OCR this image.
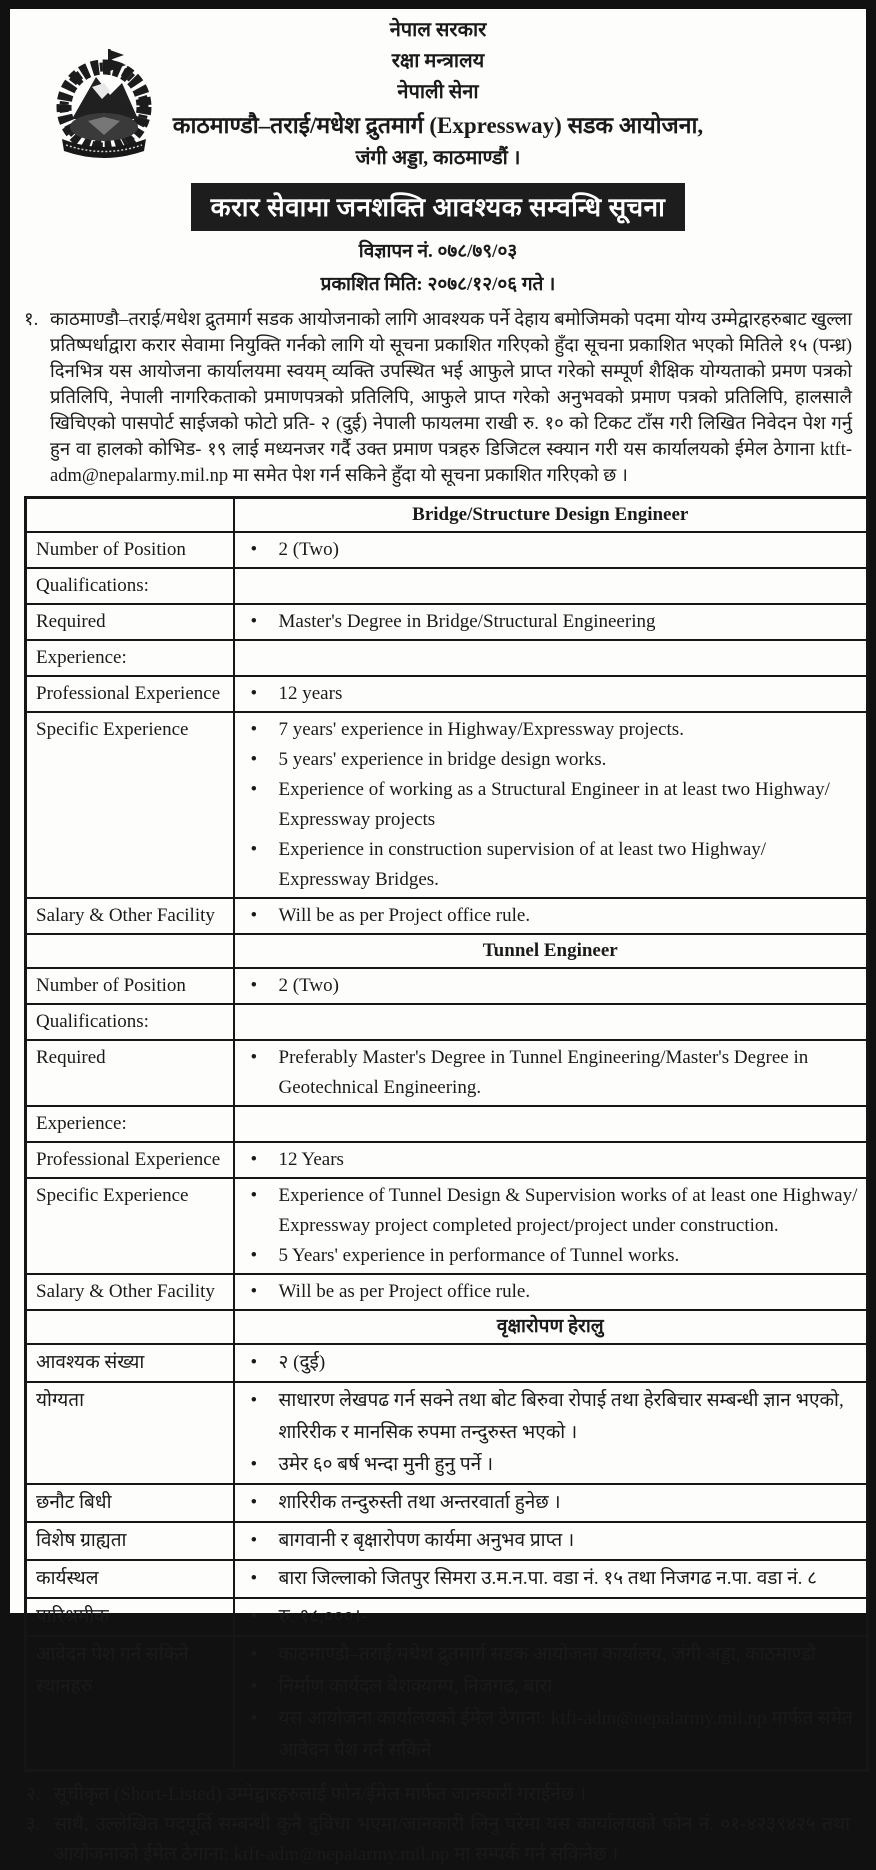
नेपाल सरकार
रक्षा मन्त्रालय
नेपाली सेना
काठमाण्डौ–तराई/मधेश द्रुतमार्ग (Expressway) सडक आयोजना,
जंगी अड्डा, काठमाण्डौं ।
करार सेवामा जनशक्ति आवश्यक सम्वन्धि सूचना
विज्ञापन नं. ०७८/७९/०३
प्रकाशित मिति: २०७८/१२/०६ गते ।
१. काठमाण्डौ–तराई/मधेश द्रुतमार्ग सडक आयोजनाको लागि आवश्यक पर्ने देहाय बमोजिमको पदमा योग्य उम्मेद्वारहरुबाट खुल्ला प्रतिष्पर्धाद्वारा करार सेवामा नियुक्ति गर्नको लागि यो सूचना प्रकाशित गरिएको हुँदा सूचना प्रकाशित भएको मितिले १५ (पन्ध्र) दिनभित्र यस आयोजना कार्यालयमा स्वयम् व्यक्ति उपस्थित भई आफुले प्राप्त गरेको सम्पूर्ण शैक्षिक योग्यताको प्रमण पत्रको प्रतिलिपि, नेपाली नागरिकताको प्रमाणपत्रको प्रतिलिपि, आफुले प्राप्त गरेको अनुभवको प्रमाण पत्रको प्रतिलिपि, हालसालै खिचिएको पासपोर्ट साईजको फोटो प्रति- २ (दुई) नेपाली फायलमा राखी रु. १० को टिकट टाँस गरी लिखित निवेदन पेश गर्नु हुन वा हालको कोभिड- १९ लाई मध्यनजर गर्दै उक्त प्रमाण पत्रहरु डिजिटल स्क्यान गरी यस कार्यालयको ईमेल ठेगाना ktft-adm@nepalarmy.mil.np मा समेत पेश गर्न सकिने हुँदा यो सूचना प्रकाशित गरिएको छ ।
	Bridge/Structure Design Engineer
Number of Position	• 2 (Two)

Qualifications:	
Required	• Master's Degree in Bridge/Structural Engineering

Experience:	
Professional Experience	• 12 years

Specific Experience	• 7 years' experience in Highway/Expressway projects.
• 5 years' experience in bridge design works.
• Experience of working as a Structural Engineer in at least two Highway/ Expressway projects
• Experience in construction supervision of at least two Highway/ Expressway Bridges.

Salary & Other Facility	• Will be as per Project office rule.

	Tunnel Engineer
Number of Position	• 2 (Two)

Qualifications:	
Required	• Preferably Master's Degree in Tunnel Engineering/Master's Degree in Geotechnical Engineering.

Experience:	
Professional Experience	• 12 Years

Specific Experience	• Experience of Tunnel Design & Supervision works of at least one Highway/ Expressway project completed project/project under construction.
• 5 Years' experience in performance of Tunnel works.

Salary & Other Facility	• Will be as per Project office rule.

	वृक्षारोपण हेरालु
आवश्यक संख्या	• २ (दुई)

योग्यता	• साधारण लेखपढ गर्न सक्ने तथा बोट बिरुवा रोपाई तथा हेरबिचार सम्बन्धी ज्ञान भएको, शारिरीक र मानसिक रुपमा तन्दुरुस्त भएको ।
• उमेर ६० बर्ष भन्दा मुनी हुनु पर्ने ।

छनौट बिधी	• शारिरीक तन्दुरुस्ती तथा अन्तरवार्ता हुनेछ ।

विशेष ग्राह्यता	• बागवानी र बृक्षारोपण कार्यमा अनुभव प्राप्त ।

कार्यस्थल	• बारा जिल्लाको जितपुर सिमरा उ.म.न.पा. वडा नं. १५ तथा निजगढ न.पा. वडा नं. ८

पारिश्रमीक	• रु. १८,०००।-

आवेदन पेश गर्न सकिने स्थानहरु	• काठमाण्डौ–तराई/मधेश द्रुतमार्ग सडक आयोजना कार्यालय, जंगी अड्डा, काठमाण्डौ
• निर्माण कार्यदल बेशक्याम्प, निजगढ, बारा
• यस आयोजना कार्यालयको ईमेल ठेगाना: ktft-adm@nepalarmy.mil.np मार्फत समेत आवेदन पेश गर्न सकिने
२. सूचीकृत (Short-Listed) उम्मेद्वारहरुलाई फोन/ईमेल मार्फत जानकारी गराईनेछ ।
३. साथै, उल्लेखित पदपूर्ति सम्बन्धी कुनै दुविधा भएमा/जानकारी लिनु परेमा यस कार्यालयको फोन नं. ०१-४२३९४२५ तथा आयोजनाको ईमेल ठेगाना: ktft-adm@nepalarmy.mil.np मा सम्पर्क गर्न सकिनेछ ।
